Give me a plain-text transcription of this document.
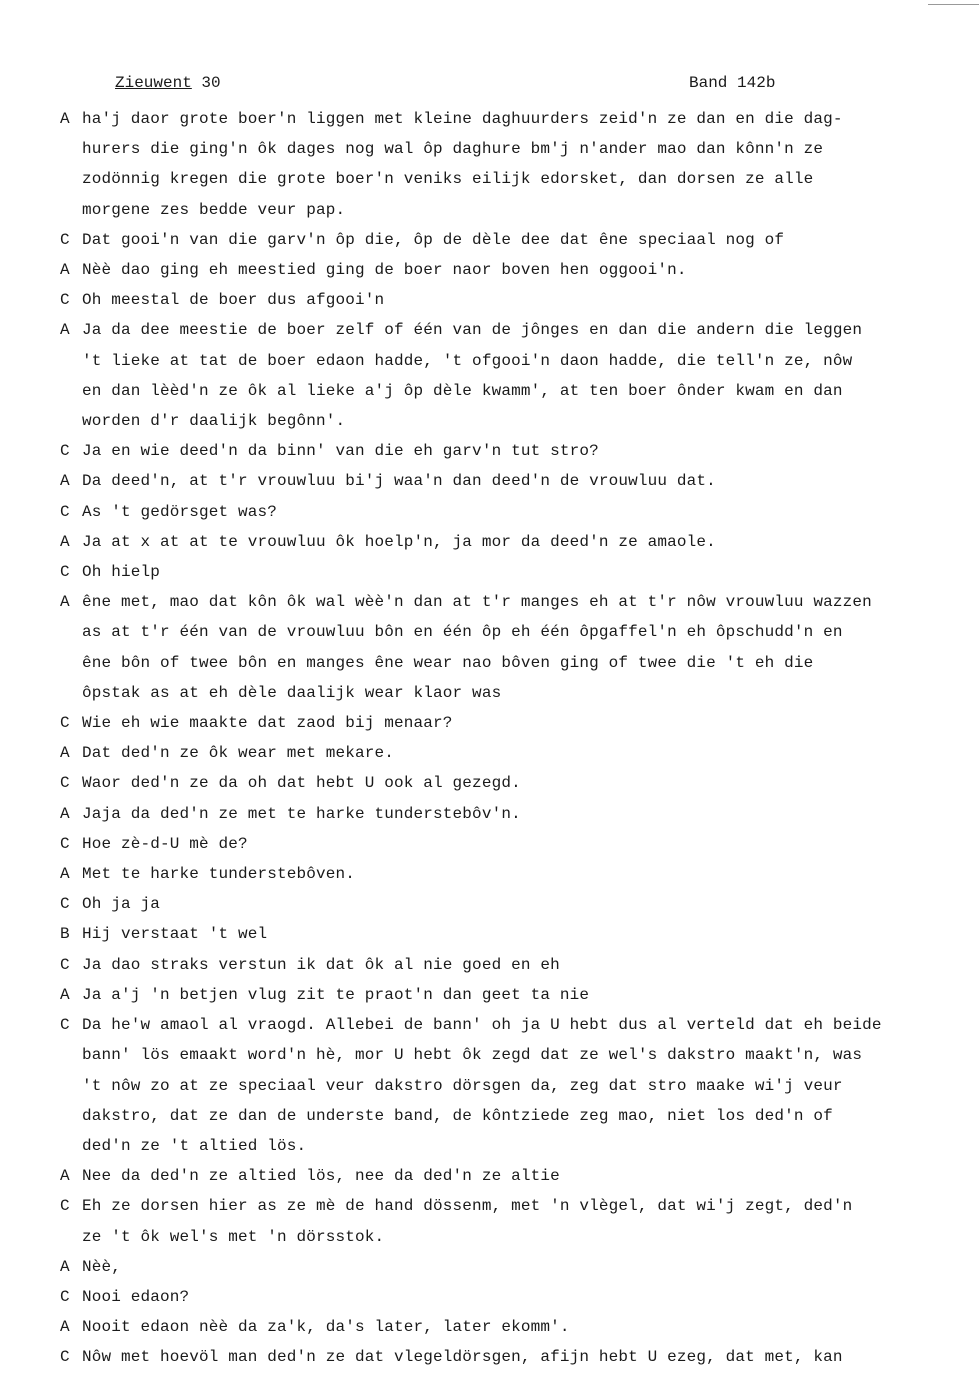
Zieuwent 30	Band 142b
A ha'j daor grote boer'n liggen met kleine daghuurders zeid'n ze dan en die dag-
hurers die ging'n ôk dages nog wal ôp daghure bm'j n'ander mao dan kônn'n ze
zodönnig kregen die grote boer'n veniks eilijk edorsket, dan dorsen ze alle
morgene zes bedde veur pap.
C Dat gooi'n van die garv'n ôp die, ôp de dèle dee dat êne speciaal nog of
A Nèè dao ging eh meestied ging de boer naor boven hen oggooi'n.
C Oh meestal de boer dus afgooi'n
A Ja da dee meestie de boer zelf of één van de jônges en dan die andern die leggen
't lieke at tat de boer edaon hadde, 't ofgooi'n daon hadde, die tell'n ze, nôw
en dan lèèd'n ze ôk al lieke a'j ôp dèle kwamm', at ten boer ônder kwam en dan
worden d'r daalijk begônn'.
C Ja en wie deed'n da binn' van die eh garv'n tut stro?
A Da deed'n, at t'r vrouwluu bi'j waa'n dan deed'n de vrouwluu dat.
C As 't gedörsget was?
A Ja at x at at te vrouwluu ôk hoelp'n, ja mor da deed'n ze amaole.
C Oh hielp
A êne met, mao dat kôn ôk wal wèè'n dan at t'r manges eh at t'r nôw vrouwluu wazzen
as at t'r één van de vrouwluu bôn en één ôp eh één ôpgaffel'n eh ôpschudd'n en
êne bôn of twee bôn en manges êne wear nao bôven ging of twee die 't eh die
ôpstak as at eh dèle daalijk wear klaor was
C Wie eh wie maakte dat zaod bij menaar?
A Dat ded'n ze ôk wear met mekare.
C Waor ded'n ze da oh dat hebt U ook al gezegd.
A Jaja da ded'n ze met te harke tunderstebôv'n.
C Hoe zè-d-U mè de?
A Met te harke tunderstebôven.
C Oh ja ja
B Hij verstaat 't wel
C Ja dao straks verstun ik dat ôk al nie goed en eh
A Ja a'j 'n betjen vlug zit te praot'n dan geet ta nie
C Da he'w amaol al vraogd. Allebei de bann' oh ja U hebt dus al verteld dat eh beide
bann' lös emaakt word'n hè, mor U hebt ôk zegd dat ze wel's dakstro maakt'n, was
't nôw zo at ze speciaal veur dakstro dörsgen da, zeg dat stro maake wi'j veur
dakstro, dat ze dan de underste band, de kôntziede zeg mao, niet los ded'n of
ded'n ze 't altied lös.
A Nee da ded'n ze altied lös, nee da ded'n ze altie
C Eh ze dorsen hier as ze mè de hand dössenm, met 'n vlègel, dat wi'j zegt, ded'n
ze 't ôk wel's met 'n dörsstok.
A Nèè,
C Nooi edaon?
A Nooit edaon nèè da za'k, da's later, later ekomm'.
C Nôw met hoevöl man ded'n ze dat vlegeldörsgen, afijn hebt U ezeg, dat met, kan
